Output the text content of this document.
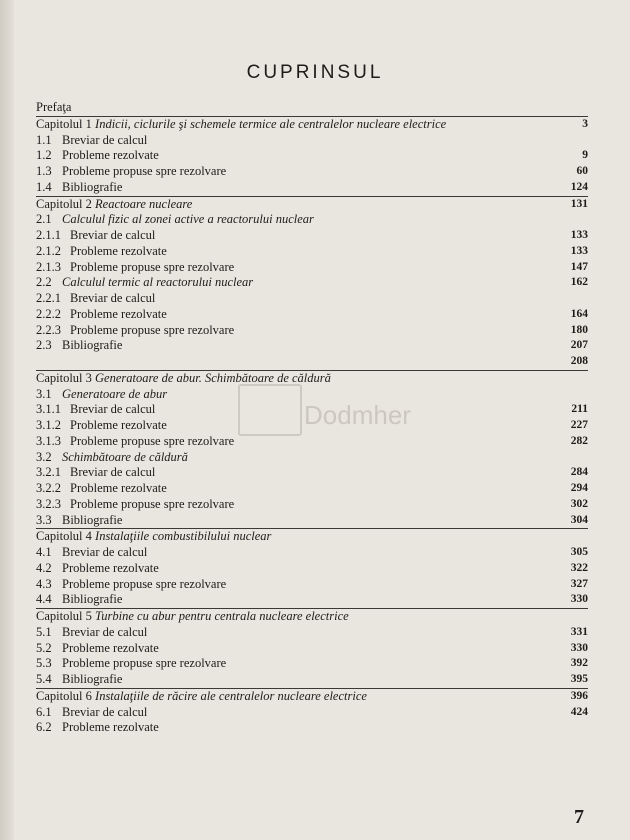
CUPRINSUL
Prefaţa
Capitolul 1 Indicii, ciclurile şi schemele termice ale centralelor nucleare electrice	3
1.1 Breviar de calcul
1.2 Probleme rezolvate	9
1.3 Probleme propuse spre rezolvare	60
1.4 Bibliografie	124
Capitolul 2 Reactoare nucleare	131
2.1 Calculul fizic al zonei active a reactorului nuclear
2.1.1 Breviar de calcul	133
2.1.2 Probleme rezolvate	133
2.1.3 Probleme propuse spre rezolvare	147
2.2 Calculul termic al reactorului nuclear	162
2.2.1 Breviar de calcul
2.2.2 Probleme rezolvate	164
2.2.3 Probleme propuse spre rezolvare	180
2.3 Bibliografie	207
208
Capitolul 3 Generatoare de abur. Schimbătoare de căldură
3.1 Generatoare de abur
3.1.1 Breviar de calcul	211
3.1.2 Probleme rezolvate	227
3.1.3 Probleme propuse spre rezolvare	282
3.2 Schimbătoare de căldură
3.2.1 Breviar de calcul	284
3.2.2 Probleme rezolvate	294
3.2.3 Probleme propuse spre rezolvare	302
3.3 Bibliografie	304
Capitolul 4 Instalaţiile combustibilului nuclear
4.1 Breviar de calcul	305
4.2 Probleme rezolvate	322
4.3 Probleme propuse spre rezolvare	327
4.4 Bibliografie	330
Capitolul 5 Turbine cu abur pentru centrala nucleare electrice
5.1 Breviar de calcul	331
5.2 Probleme rezolvate	330
5.3 Probleme propuse spre rezolvare	392
5.4 Bibliografie	395
Capitolul 6 Instalaţiile de răcire ale centralelor nucleare electrice	396
6.1 Breviar de calcul	424
6.2 Probleme rezolvate
Dodmher
7
